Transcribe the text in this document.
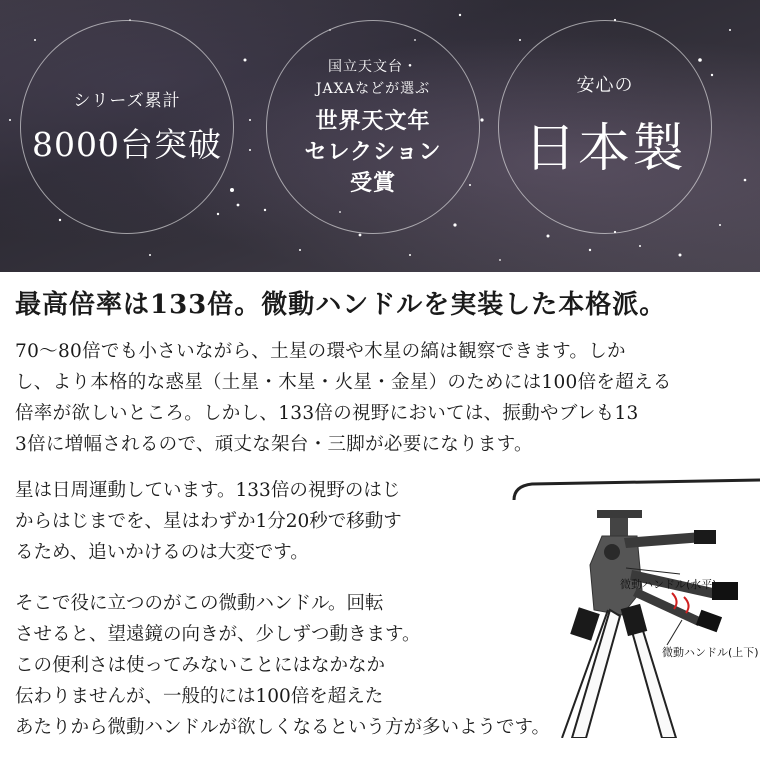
シリーズ累計
8000台突破
国立天文台・
JAXAなどが選ぶ
世界天文年
セレクション
受賞
安心の
日本製
最高倍率は133倍。微動ハンドルを実装した本格派。
70〜80倍でも小さいながら、土星の環や木星の縞は観察できます。しか
し、より本格的な惑星（土星・木星・火星・金星）のためには100倍を超える
倍率が欲しいところ。しかし、133倍の視野においては、振動やブレも13
3倍に増幅されるので、頑丈な架台・三脚が必要になります。
星は日周運動しています。133倍の視野のはじ
からはじまでを、星はわずか1分20秒で移動す
るため、追いかけるのは大変です。
そこで役に立つのがこの微動ハンドル。回転
させると、望遠鏡の向きが、少しずつ動きます。
この便利さは使ってみないことにはなかなか
伝わりませんが、一般的には100倍を超えた
あたりから微動ハンドルが欲しくなるという方が多いようです。
微動ハンドル(水平)
微動ハンドル(上下)
